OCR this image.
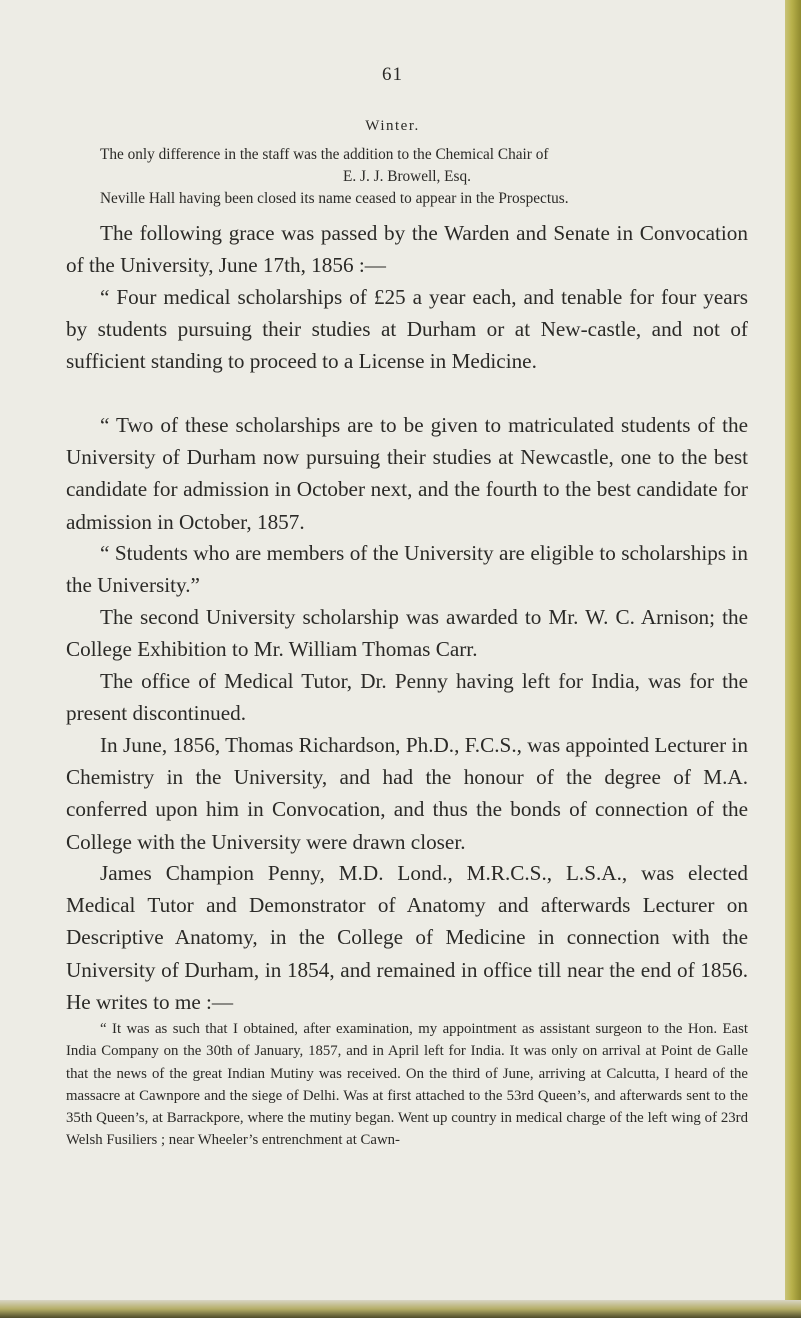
61
Winter.

The only difference in the staff was the addition to the Chemical Chair of

E. J. J. Browell, Esq.

Neville Hall having been closed its name ceased to appear in the Prospectus.

The following grace was passed by the Warden and Senate in Convocation of the University, June 17th, 1856 :—

“ Four medical scholarships of £25 a year each, and tenable for four years by students pursuing their studies at Durham or at New-castle, and not of sufficient standing to proceed to a License in Medicine.

“ Two of these scholarships are to be given to matriculated students of the University of Durham now pursuing their studies at Newcastle, one to the best candidate for admission in October next, and the fourth to the best candidate for admission in October, 1857.

“ Students who are members of the University are eligible to scholarships in the University.”

The second University scholarship was awarded to Mr. W. C. Arnison; the College Exhibition to Mr. William Thomas Carr.

The office of Medical Tutor, Dr. Penny having left for India, was for the present discontinued.

In June, 1856, Thomas Richardson, Ph.D., F.C.S., was appointed Lecturer in Chemistry in the University, and had the honour of the degree of M.A. conferred upon him in Convocation, and thus the bonds of connection of the College with the University were drawn closer.

James Champion Penny, M.D. Lond., M.R.C.S., L.S.A., was elected Medical Tutor and Demonstrator of Anatomy and afterwards Lecturer on Descriptive Anatomy, in the College of Medicine in connection with the University of Durham, in 1854, and remained in office till near the end of 1856. He writes to me :—

“ It was as such that I obtained, after examination, my appointment as assistant surgeon to the Hon. East India Company on the 30th of January, 1857, and in April left for India. It was only on arrival at Point de Galle that the news of the great Indian Mutiny was received. On the third of June, arriving at Calcutta, I heard of the massacre at Cawnpore and the siege of Delhi. Was at first attached to the 53rd Queen’s, and afterwards sent to the 35th Queen’s, at Barrackpore, where the mutiny began. Went up country in medical charge of the left wing of 23rd Welsh Fusiliers ; near Wheeler’s entrenchment at Cawn-
